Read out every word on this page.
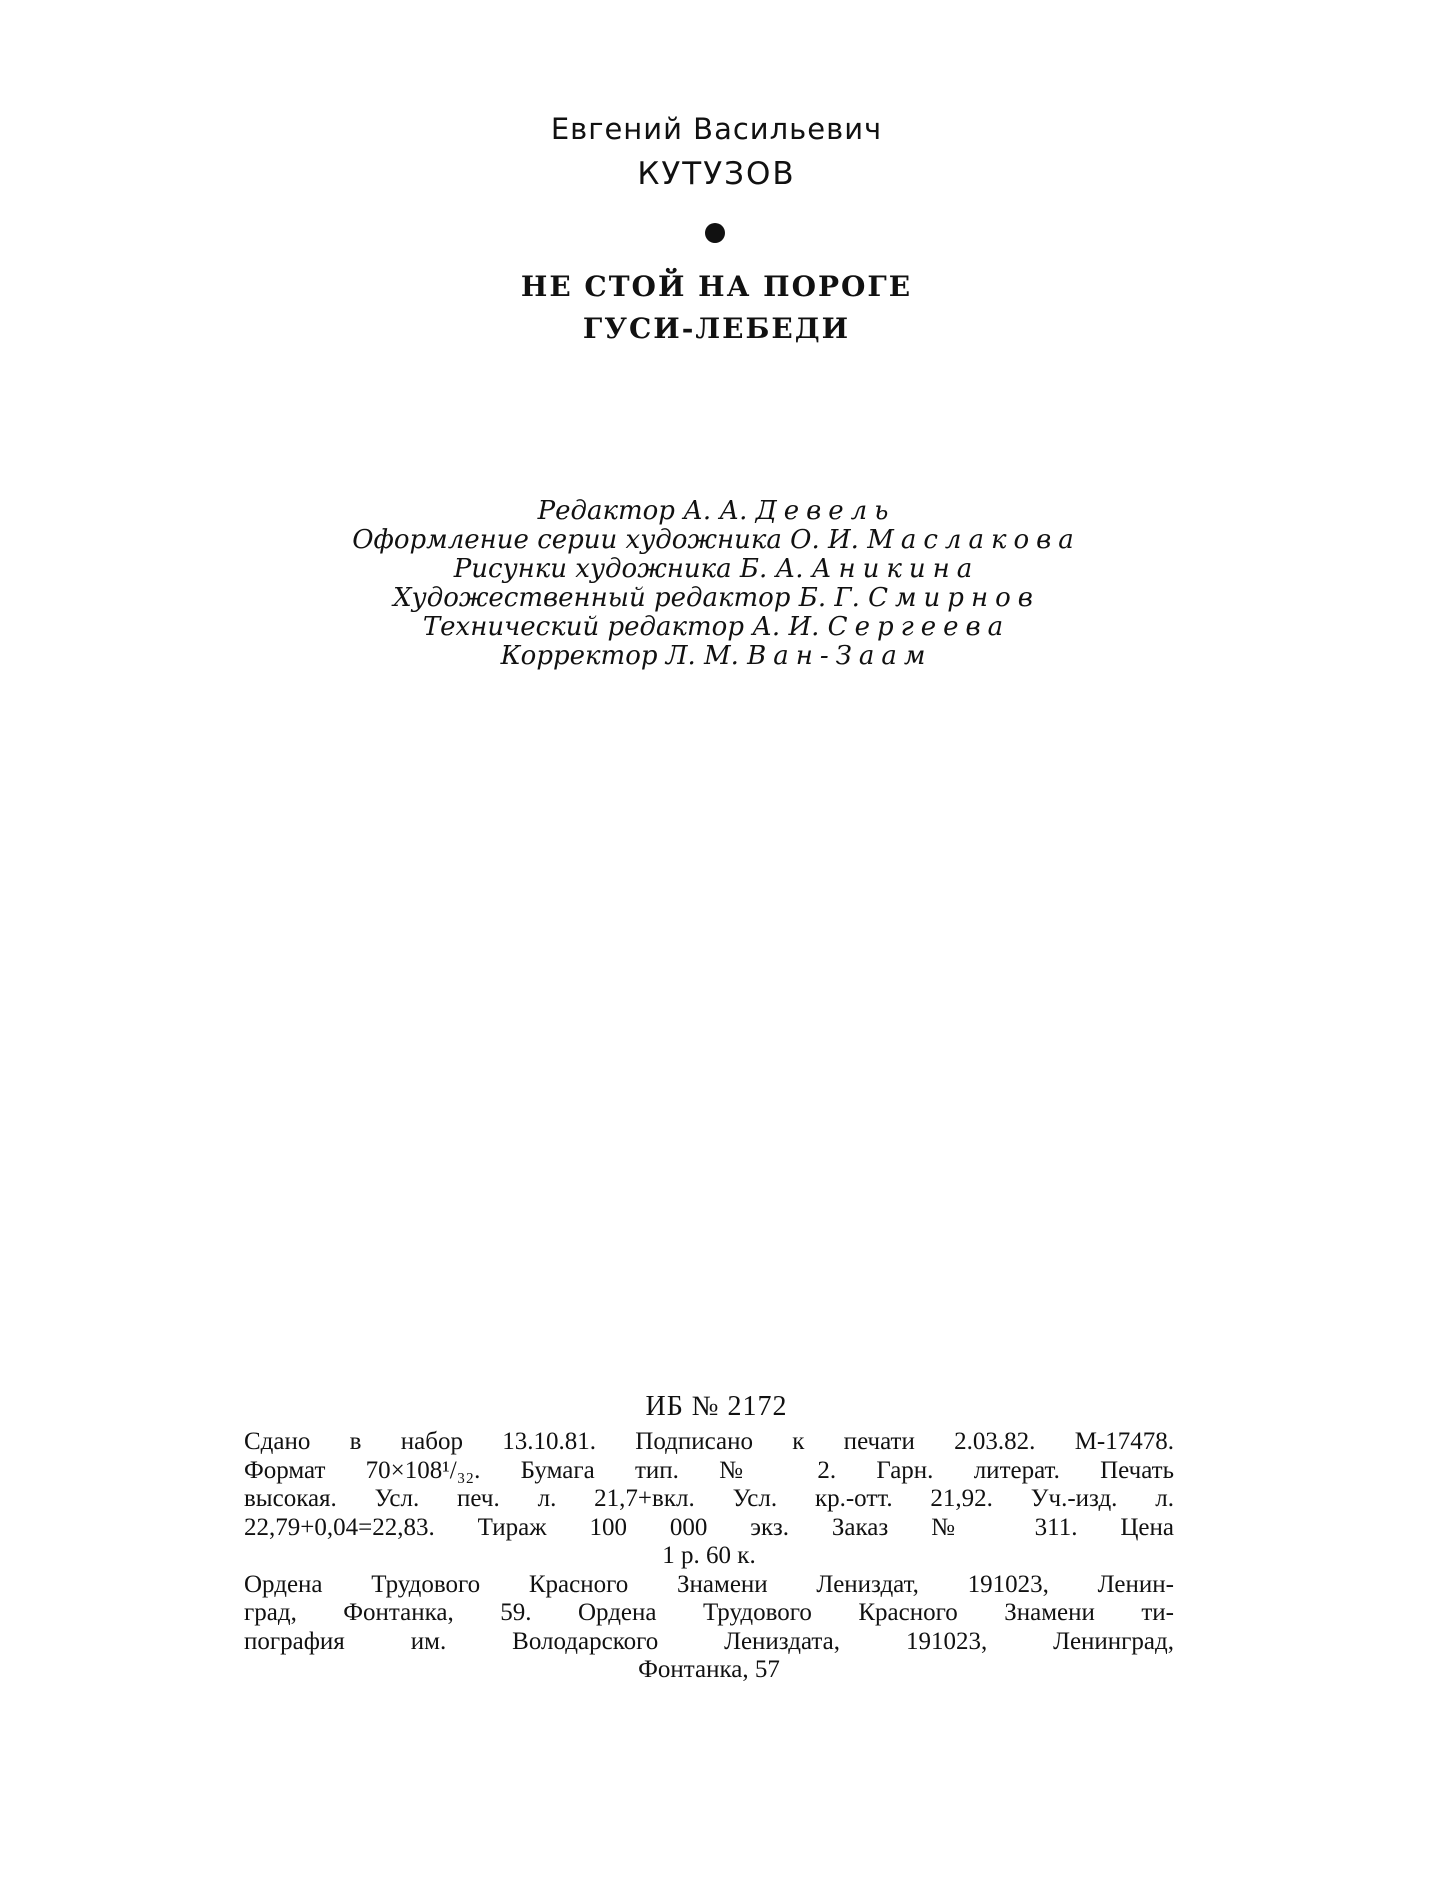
Евгений Васильевич
КУТУЗОВ
НЕ СТОЙ НА ПОРОГЕ
ГУСИ-ЛЕБЕДИ
Редактор А. А. Девель
Оформление серии художника О. И. Маслакова
Рисунки художника Б. А. Аникина
Художественный редактор Б. Г. Смирнов
Технический редактор А. И. Сергеева
Корректор Л. М. Ван-Заам
ИБ № 2172
Сдано в набор 13.10.81. Подписано к печати 2.03.82. М-17478.
Формат 70×108¹/₃₂. Бумага тип. № 2. Гарн. литерат. Печать
высокая. Усл. печ. л. 21,7+вкл. Усл. кр.-отт. 21,92. Уч.-изд. л.
22,79+0,04=22,83. Тираж 100 000 экз. Заказ № 311. Цена
1 р. 60 к.
Ордена Трудового Красного Знамени Лениздат, 191023, Ленин-
град, Фонтанка, 59. Ордена Трудового Красного Знамени ти-
пография им. Володарского Лениздата, 191023, Ленинград,
Фонтанка, 57
